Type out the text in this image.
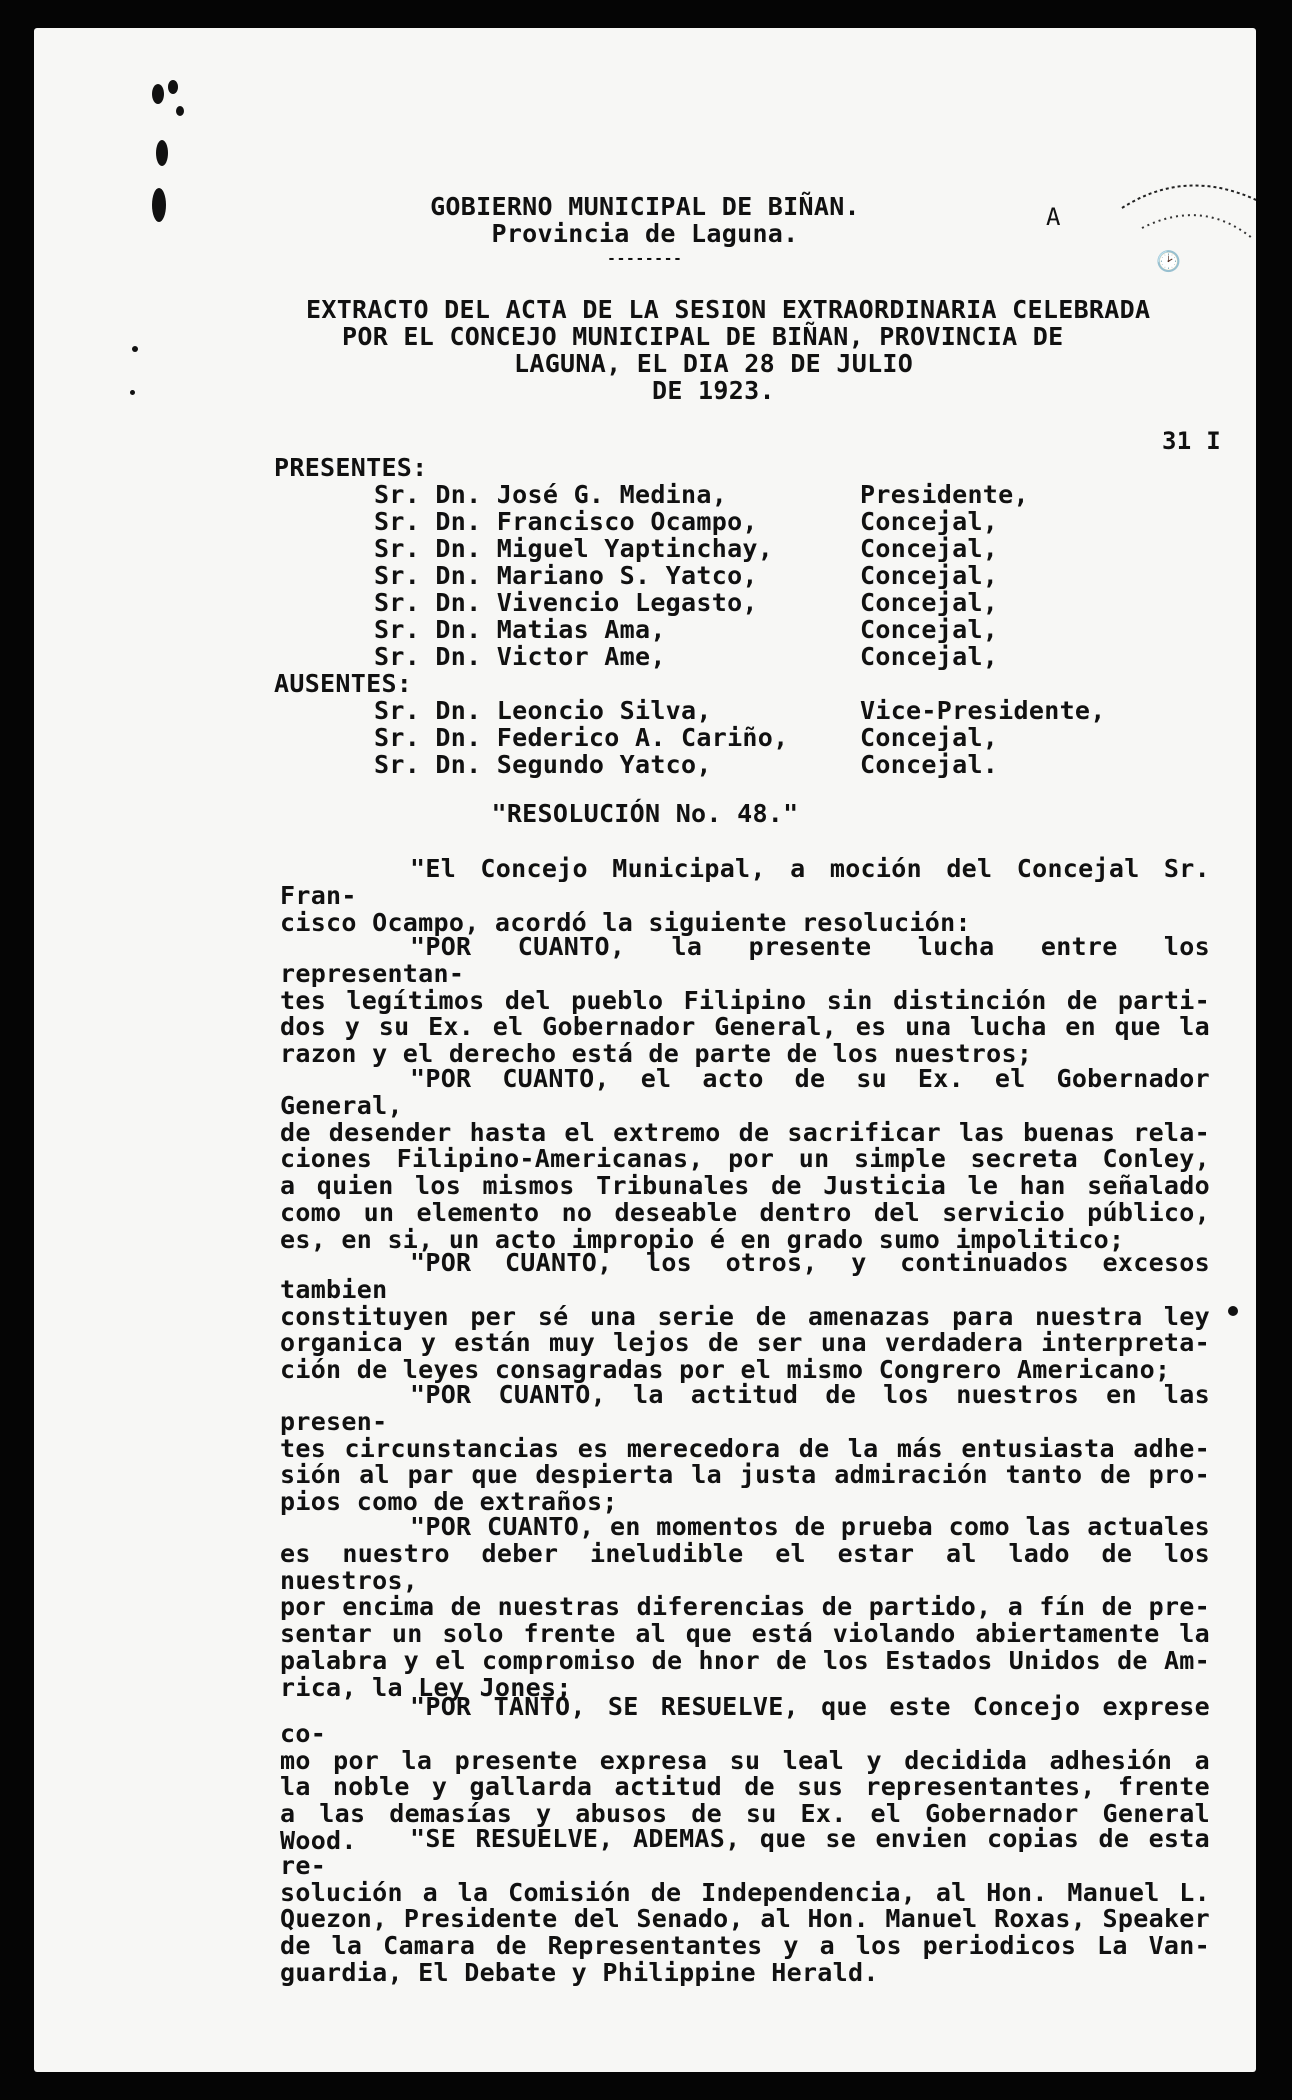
🕑
A
31 I
GOBIERNO MUNICIPAL DE BIÑAN.
Provincia de Laguna.
--------
EXTRACTO DEL ACTA DE LA SESION EXTRAORDINARIA CELEBRADA
POR EL CONCEJO MUNICIPAL DE BIÑAN, PROVINCIA DE
LAGUNA, EL DIA 28 DE JULIO
DE 1923.
PRESENTES:
Sr. Dn. José G. Medina,	Presidente,
Sr. Dn. Francisco Ocampo,	Concejal,
Sr. Dn. Miguel Yaptinchay,	Concejal,
Sr. Dn. Mariano S. Yatco,	Concejal,
Sr. Dn. Vivencio Legasto,	Concejal,
Sr. Dn. Matias Ama,	Concejal,
Sr. Dn. Victor Ame,	Concejal,
AUSENTES:
Sr. Dn. Leoncio Silva,	Vice-Presidente,
Sr. Dn. Federico A. Cariño,	Concejal,
Sr. Dn. Segundo Yatco,	Concejal.
"RESOLUCIÓN No. 48."
"El Concejo Municipal, a moción del Concejal Sr. Fran-
cisco Ocampo, acordó la siguiente resolución:
"POR CUANTO, la presente lucha entre los representan-
tes legítimos del pueblo Filipino sin distinción de parti-
dos y su Ex. el Gobernador General, es una lucha en que la
razon y el derecho está de parte de los nuestros;
"POR CUANTO, el acto de su Ex. el Gobernador General,
de desender hasta el extremo de sacrificar las buenas rela-
ciones Filipino-Americanas, por un simple secreta Conley,
a quien los mismos Tribunales de Justicia le han señalado
como un elemento no deseable dentro del servicio público,
es, en si, un acto impropio é en grado sumo impolitico;
"POR CUANTO, los otros, y continuados excesos tambien
constituyen per sé una serie de amenazas para nuestra ley
organica y están muy lejos de ser una verdadera interpreta-
ción de leyes consagradas por el mismo Congrero Americano;
"POR CUANTO, la actitud de los nuestros en las presen-
tes circunstancias es merecedora de la más entusiasta adhe-
sión al par que despierta la justa admiración tanto de pro-
pios como de extraños;
"POR CUANTO, en momentos de prueba como las actuales
es nuestro deber ineludible el estar al lado de los nuestros,
por encima de nuestras diferencias de partido, a fín de pre-
sentar un solo frente al que está violando abiertamente la
palabra y el compromiso de hnor de los Estados Unidos de Am-
rica, la Ley Jones;
"POR TANTO, SE RESUELVE, que este Concejo exprese co-
mo por la presente expresa su leal y decidida adhesión a
la noble y gallarda actitud de sus representantes, frente
a las demasías y abusos de su Ex. el Gobernador General Wood.	"SE RESUELVE, ADEMAS, que se envien copias de esta re-
solución a la Comisión de Independencia, al Hon. Manuel L.
Quezon, Presidente del Senado, al Hon. Manuel Roxas, Speaker
de la Camara de Representantes y a los periodicos La Van-
guardia, El Debate y Philippine Herald.
